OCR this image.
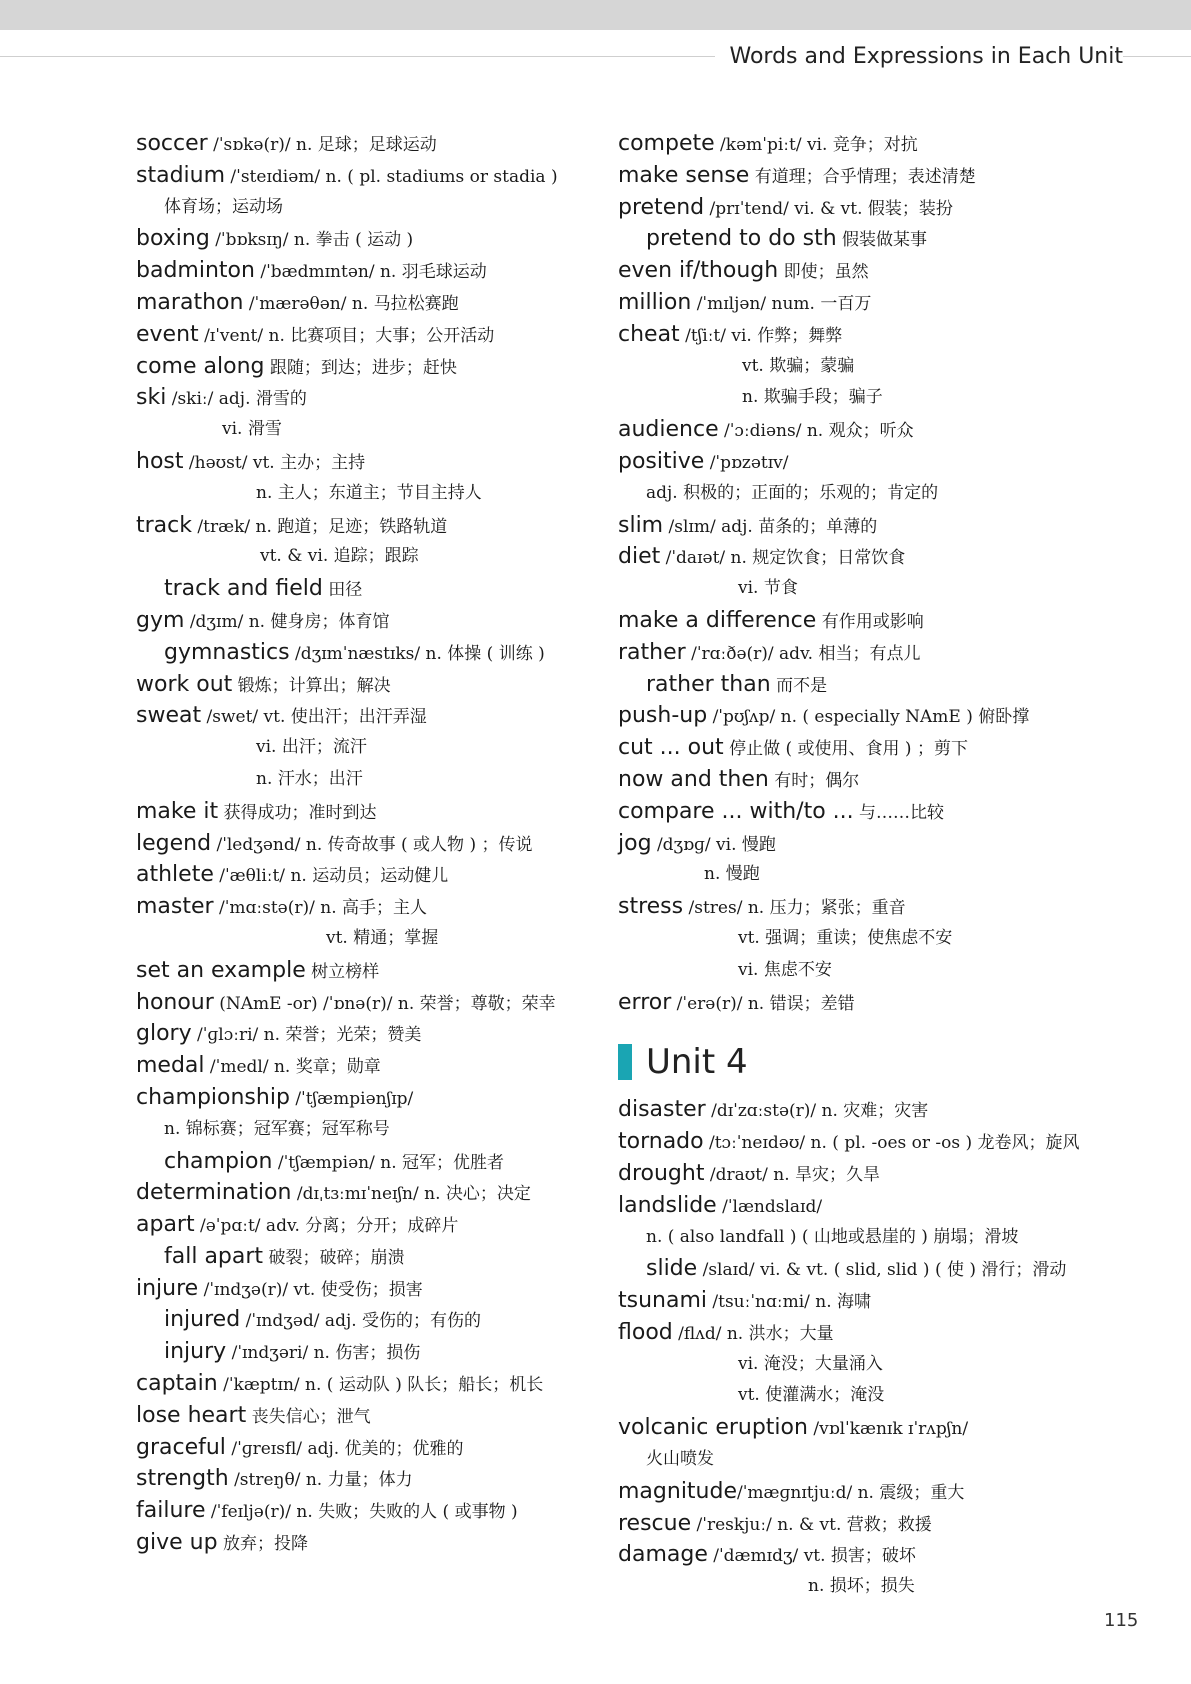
Words and Expressions in Each Unit
soccer /ˈsɒkə(r)/ n. 足球；足球运动
stadium /ˈsteɪdiəm/ n. ( pl. stadiums or stadia )
体育场；运动场
boxing /ˈbɒksɪŋ/ n. 拳击 ( 运动 )
badminton /ˈbædmɪntən/ n. 羽毛球运动
marathon /ˈmærəθən/ n. 马拉松赛跑
event /ɪˈvent/ n. 比赛项目；大事；公开活动
come along 跟随；到达；进步；赶快
ski /skiː/ adj. 滑雪的
vi. 滑雪
host /həʊst/ vt. 主办；主持
n. 主人；东道主；节目主持人
track /træk/ n. 跑道；足迹；铁路轨道
vt. & vi. 追踪；跟踪
track and field 田径
gym /dʒɪm/ n. 健身房；体育馆
gymnastics /dʒɪmˈnæstɪks/ n. 体操 ( 训练 )
work out 锻炼；计算出；解决
sweat /swet/ vt. 使出汗；出汗弄湿
vi. 出汗；流汗
n. 汗水；出汗
make it 获得成功；准时到达
legend /ˈledʒənd/ n. 传奇故事 ( 或人物 ) ；传说
athlete /ˈæθliːt/ n. 运动员；运动健儿
master /ˈmɑːstə(r)/ n. 高手；主人
vt. 精通；掌握
set an example 树立榜样
honour (NAmE -or) /ˈɒnə(r)/ n. 荣誉；尊敬；荣幸
glory /ˈɡlɔːri/ n. 荣誉；光荣；赞美
medal /ˈmedl/ n. 奖章；勋章
championship /ˈtʃæmpiənʃɪp/
n. 锦标赛；冠军赛；冠军称号
champion /ˈtʃæmpiən/ n. 冠军；优胜者
determination /dɪˌtɜːmɪˈneɪʃn/ n. 决心；决定
apart /əˈpɑːt/ adv. 分离；分开；成碎片
fall apart 破裂；破碎；崩溃
injure /ˈɪndʒə(r)/ vt. 使受伤；损害
injured /ˈɪndʒəd/ adj. 受伤的；有伤的
injury /ˈɪndʒəri/ n. 伤害；损伤
captain /ˈkæptɪn/ n. ( 运动队 ) 队长；船长；机长
lose heart 丧失信心；泄气
graceful /ˈɡreɪsfl/ adj. 优美的；优雅的
strength /streŋθ/ n. 力量；体力
failure /ˈfeɪljə(r)/ n. 失败；失败的人 ( 或事物 )
give up 放弃；投降
compete /kəmˈpiːt/ vi. 竞争；对抗
make sense 有道理；合乎情理；表述清楚
pretend /prɪˈtend/ vi. & vt. 假装；装扮
pretend to do sth 假装做某事
even if/though 即使；虽然
million /ˈmɪljən/ num. 一百万
cheat /tʃiːt/ vi. 作弊；舞弊
vt. 欺骗；蒙骗
n. 欺骗手段；骗子
audience /ˈɔːdiəns/ n. 观众；听众
positive /ˈpɒzətɪv/
adj. 积极的；正面的；乐观的；肯定的
slim /slɪm/ adj. 苗条的；单薄的
diet /ˈdaɪət/ n. 规定饮食；日常饮食
vi. 节食
make a difference 有作用或影响
rather /ˈrɑːðə(r)/ adv. 相当；有点儿
rather than 而不是
push-up /ˈpʊʃʌp/ n. ( especially NAmE ) 俯卧撑
cut ... out 停止做 ( 或使用、食用 ) ；剪下
now and then 有时；偶尔
compare ... with/to ... 与……比较
jog /dʒɒɡ/ vi. 慢跑
n. 慢跑
stress /stres/ n. 压力；紧张；重音
vt. 强调；重读；使焦虑不安
vi. 焦虑不安
error /ˈerə(r)/ n. 错误；差错
Unit 4
disaster /dɪˈzɑːstə(r)/ n. 灾难；灾害
tornado /tɔːˈneɪdəʊ/ n. ( pl. -oes or -os ) 龙卷风；旋风
drought /draʊt/ n. 旱灾；久旱
landslide /ˈlændslaɪd/
n. ( also landfall ) ( 山地或悬崖的 ) 崩塌；滑坡
slide /slaɪd/ vi. & vt. ( slid, slid ) ( 使 ) 滑行；滑动
tsunami /tsuːˈnɑːmi/ n. 海啸
flood /flʌd/ n. 洪水；大量
vi. 淹没；大量涌入
vt. 使灌满水；淹没
volcanic eruption /vɒlˈkænɪk ɪˈrʌpʃn/
火山喷发
magnitude/ˈmæɡnɪtjuːd/ n. 震级；重大
rescue /ˈreskjuː/ n. & vt. 营救；救援
damage /ˈdæmɪdʒ/ vt. 损害；破坏
n. 损坏；损失
115
